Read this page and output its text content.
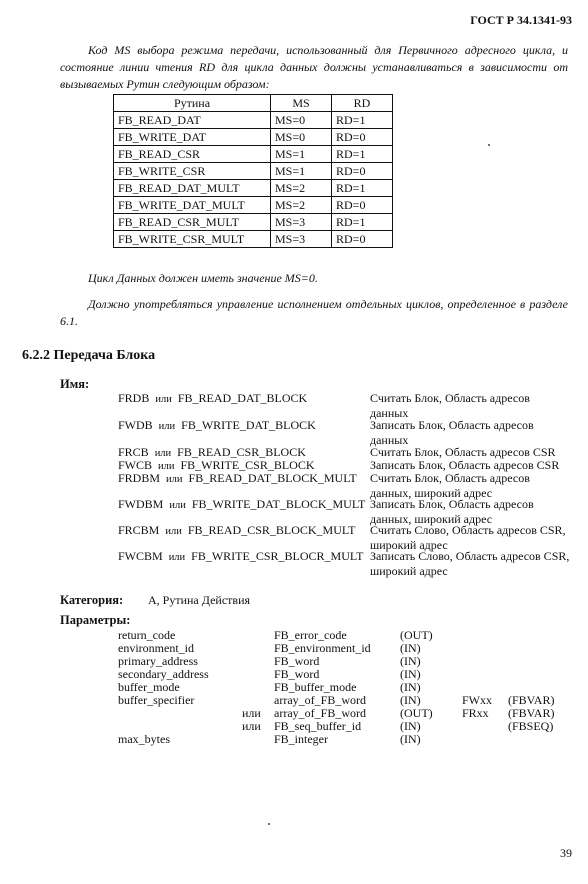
ГОСТ Р 34.1341-93
Код MS выбора режима передачи, использованный для Первичного адресного цикла, и состояние линии чтения RD для цикла данных должны устанавливаться в зависимости от вызываемых Рутин следующим образом:
Рутина	MS	RD
FB_READ_DAT	MS=0	RD=1
FB_WRITE_DAT	MS=0	RD=0
FB_READ_CSR	MS=1	RD=1
FB_WRITE_CSR	MS=1	RD=0
FB_READ_DAT_MULT	MS=2	RD=1
FB_WRITE_DAT_MULT	MS=2	RD=0
FB_READ_CSR_MULT	MS=3	RD=1
FB_WRITE_CSR_MULT	MS=3	RD=0
Цикл Данных должен иметь значение MS=0.
Должно употребляться управление исполнением отдельных циклов, определенное в разделе 6.1.
6.2.2 Передача Блока
Имя:
FRDB или FB_READ_DAT_BLOCK	Считать Блок, Область адресов данных
FWDB или FB_WRITE_DAT_BLOCK	Записать Блок, Область адресов данных
FRCB или FB_READ_CSR_BLOCK	Считать Блок, Область адресов CSR
FWCB или FB_WRITE_CSR_BLOCK	Записать Блок, Область адресов CSR
FRDBM или FB_READ_DAT_BLOCK_MULT Считать Блок, Область адресов данных, широкий адрес
FWDBM или FB_WRITE_DAT_BLOCK_MULT Записать Блок, Область адресов данных, широкий адрес
FRCBM или FB_READ_CSR_BLOCK_MULT Считать Слово, Область адресов CSR, широкий адрес
FWCBM или FB_WRITE_CSR_BLOCR_MULT Записать Слово, Область адресов CSR, широкий адрес
Категория: А, Рутина Действия
Параметры:
return_code	FB_error_code	(OUT)
environment_id	FB_environment_id (IN)
primary_address	FB_word	(IN)
secondary_address	FB_word	(IN)
buffer_mode	FB_buffer_mode	(IN)
buffer_specifier	array_of_FB_word	(IN)	FWxx (FBVAR)
или array_of_FB_word	(OUT) FRxx (FBVAR)
или FB_seq_buffer_id	(IN)	(FBSEQ)
max_bytes	FB_integer	(IN)
39
